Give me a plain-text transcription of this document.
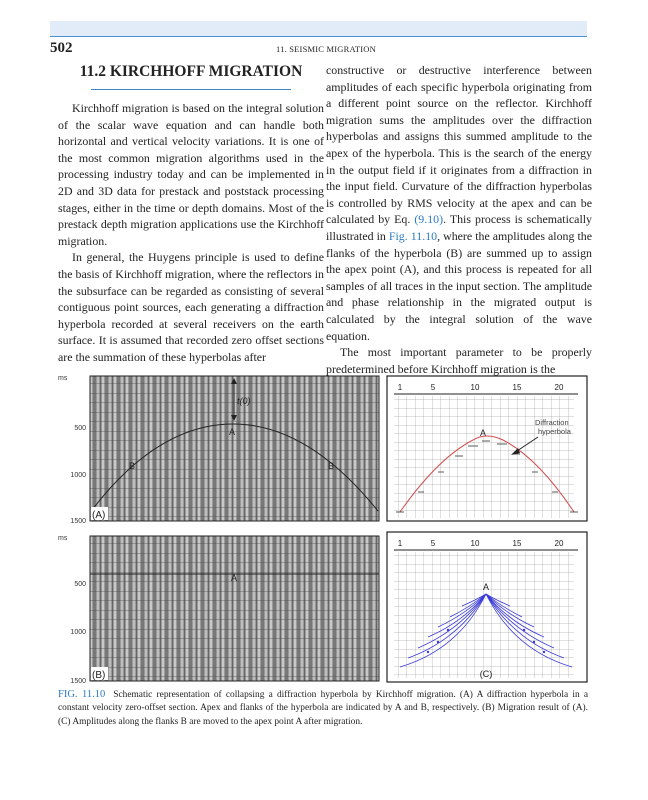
502	11. SEISMIC MIGRATION
11.2 KIRCHHOFF MIGRATION

Kirchhoff migration is based on the integral solution of the scalar wave equation and can handle both horizontal and vertical velocity variations. It is one of the most common migration algorithms used in the processing industry today and can be implemented in 2D and 3D data for prestack and poststack processing stages, either in the time or depth domains. Most of the prestack depth migration applications use the Kirchhoff migration.

In general, the Huygens principle is used to define the basis of Kirchhoff migration, where the reflectors in the subsurface can be regarded as consisting of several contiguous point sources, each generating a diffraction hyperbola recorded at several receivers on the earth surface. It is assumed that recorded zero offset sections are the summation of these hyperbolas after

constructive or destructive interference between amplitudes of each specific hyperbola originating from a different point source on the reflector. Kirchhoff migration sums the amplitudes over the diffraction hyperbolas and assigns this summed amplitude to the apex of the hyperbola. This is the search of the energy in the output field if it originates from a diffraction in the input field. Curvature of the diffraction hyperbolas is controlled by RMS velocity at the apex and can be calculated by Eq. (9.10). This process is schematically illustrated in Fig. 11.10, where the amplitudes along the flanks of the hyperbola (B) are summed up to assign the apex point (A), and this process is repeated for all samples of all traces in the input section. The amplitude and phase relationship in the migrated output is calculated by the integral solution of the wave equation.

The most important parameter to be properly predetermined before Kirchhoff migration is the

ms
500
1000
1500
t(0)
A
B	B
(A)
ms
500
1000
1500
A
(B)
1	5	10	15	20
A
Diffraction
hyperbola
1	5	10	15	20
A
(C)
FIG. 11.10 Schematic representation of collapsing a diffraction hyperbola by Kirchhoff migration. (A) A diffraction hyperbola in a constant velocity zero-offset section. Apex and flanks of the hyperbola are indicated by A and B, respectively. (B) Migration result of (A). (C) Amplitudes along the flanks B are moved to the apex point A after migration.
